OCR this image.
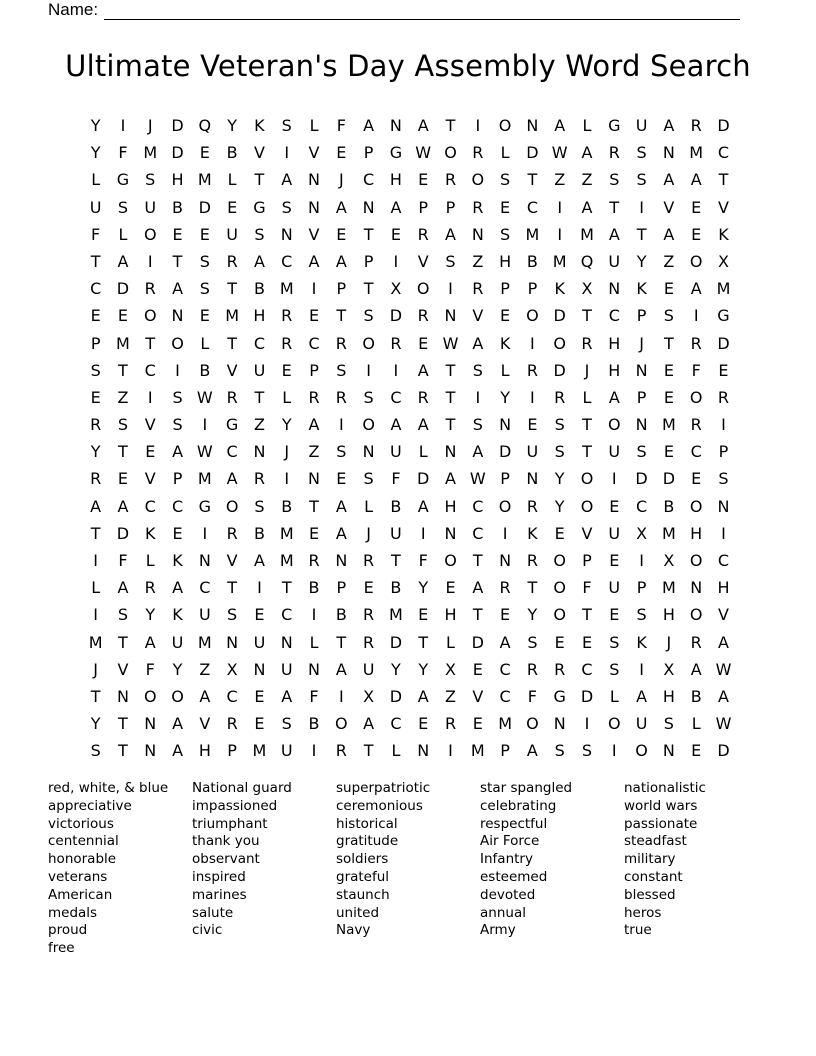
Name:
Ultimate Veteran's Day Assembly Word Search
Y	I	J	D Q	Y	K	S	L	F	A N A	T	I	O N A	L	G U A	R D
Y	F M D	E	B	V	I	V	E	P	G W O R	L	D W A	R	S	N M C
L	G	S	H M L	T	A N	J	C H	E	R O S	T	Z	Z	S	S	A	A	T
U	S	U B D	E	G	S	N A N A	P	P	R	E	C	I	A	T	I	V	E	V
F	L	O E	E	U	S	N V	E	T	E	R	A N	S M	I	M A	T	A	E	K
T	A	I	T	S	R	A	C	A	A	P	I	V	S	Z H B M Q U	Y	Z O X
C D R	A	S	T	B M	I	P	T	X O	I	R	P	P	K	X N	K	E	A M
E	E O N	E M H R	E	T	S	D R N V	E O D	T	C	P	S	I	G
P M T	O	L	T	C	R	C	R O R	E W A	K	I	O R H	J	T	R D
S	T	C	I	B	V U	E	P	S	I	I	A	T	S	L	R D	J	H N	E	F	E
E	Z	I	S W R	T	L	R	R	S	C	R	T	I	Y	I	R	L	A	P	E O R
R	S	V	S	I	G Z	Y	A	I	O A	A	T	S	N	E	S	T	O N M R	I
Y	T	E	A W C N	J	Z	S	N U	L	N A D U	S	T	U	S	E	C	P
R	E	V	P M A	R	I	N	E	S	F	D A W P	N	Y	O	I	D D	E	S
A	A	C	C G O S	B	T	A	L	B	A H C O R	Y	O E	C	B O N
T	D K	E	I	R	B M E	A	J	U	I	N C	I	K	E	V U X M H	I
I	F	L	K	N V	A M R N R	T	F	O	T	N R O	P	E	I	X O C
L	A	R	A	C	T	I	T	B	P	E	B	Y	E	A	R	T	O	F	U	P M N H
I	S	Y	K	U	S	E	C	I	B	R M E	H	T	E	Y	O	T	E	S	H O V
M T	A U M N U N	L	T	R D	T	L	D A	S	E	E	S	K	J	R	A
J	V	F	Y	Z	X N U N A U	Y	Y	X	E	C	R	R	C	S	I	X	A W
T	N O O A	C	E	A	F	I	X D A	Z	V	C	F	G D	L	A H B	A
Y	T	N A	V	R	E	S	B O A	C	E	R	E M O N	I	O U	S	L W
S	T	N A H	P M U	I	R	T	L	N	I	M P	A	S	S	I	O N	E	D
red, white, & blue
appreciative
victorious
centennial
honorable
veterans
American
medals
proud
free
National guard
impassioned
triumphant
thank you
observant
inspired
marines
salute
civic
superpatriotic
ceremonious
historical
gratitude
soldiers
grateful
staunch
united
Navy
star spangled
celebrating
respectful
Air Force
Infantry
esteemed
devoted
annual
Army
nationalistic
world wars
passionate
steadfast
military
constant
blessed
heros
true
